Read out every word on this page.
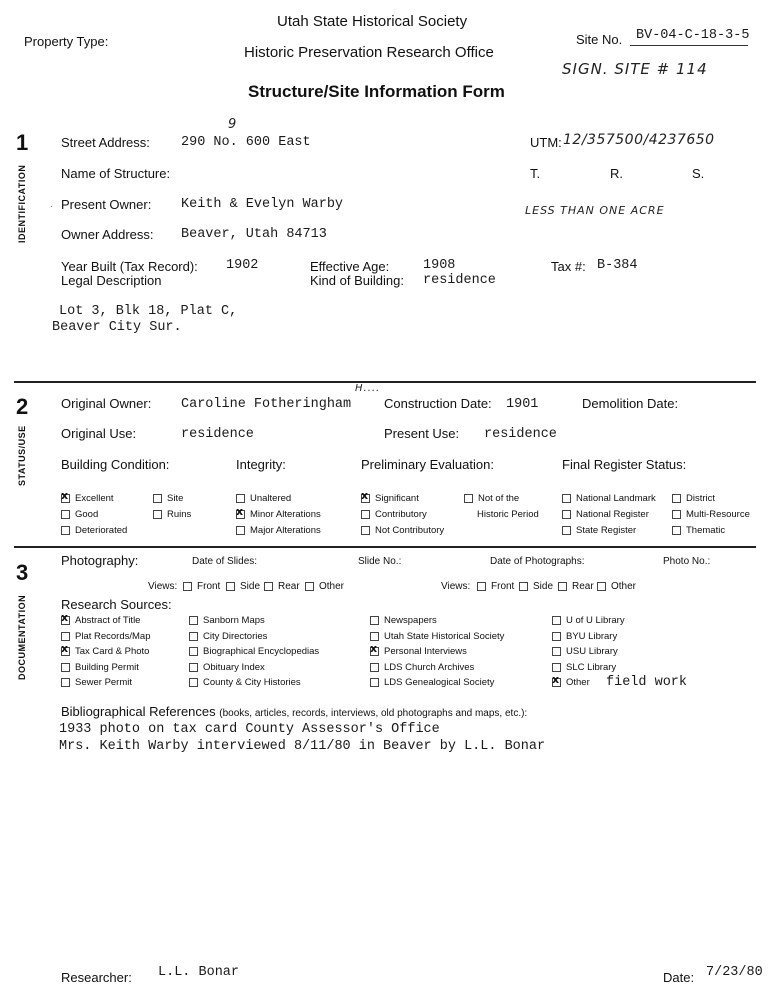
Utah State Historical Society
Historic Preservation Research Office
Structure/Site Information Form
Property Type:	Site No. BV-04-C-18-3-5
SIGN. SITE # 114
1
IDENTIFICATION ·
Street Address: 290 No. 600 East
9
UTM: 12/357500/4237650
Name of Structure:	T.	R.	S.
Present Owner: Keith & Evelyn Warby	LESS THAN ONE ACRE
Owner Address: Beaver, Utah 84713
Year Built (Tax Record): 1902	Effective Age: 1908	Tax #: B-384
Legal Description	Kind of Building: residence
Lot 3, Blk 18, Plat C,
Beaver City Sur.
2
STATUS/USE
Original Owner: Caroline Fotheringham
H....
Construction Date: 1901	Demolition Date:
Original Use:	residence	Present Use: residence
Building Condition:	Integrity:	Preliminary Evaluation:	Final Register Status:
xExcellent
Good
Deteriorated
Site
Ruins
Unaltered
xMinor Alterations
Major Alterations
xSignificant
Contributory
Not Contributory
Not of the
Historic Period
National Landmark
National Register
State Register
District
Multi-Resource
Thematic
3
DOCUMENTATION
Photography:	Date of Slides:	Slide No.:	Date of Photographs:	Photo No.:
Views:	Front	Side	Rear	Other	Views:	Front	Side	Rear	Other
Research Sources:
xAbstract of Title
Plat Records/Map
xTax Card & Photo
Building Permit
Sewer Permit
Sanborn Maps
City Directories
Biographical Encyclopedias
Obituary Index
County & City Histories
Newspapers
Utah State Historical Society
xPersonal Interviews
LDS Church Archives
LDS Genealogical Society
U of U Library
BYU Library
USU Library
SLC Library
xOther field work
Bibliographical References (books, articles, records, interviews, old photographs and maps, etc.):
1933 photo on tax card County Assessor's Office
Mrs. Keith Warby interviewed 8/11/80 in Beaver by L.L. Bonar
Researcher: L.L. Bonar	Date: 7/23/80
